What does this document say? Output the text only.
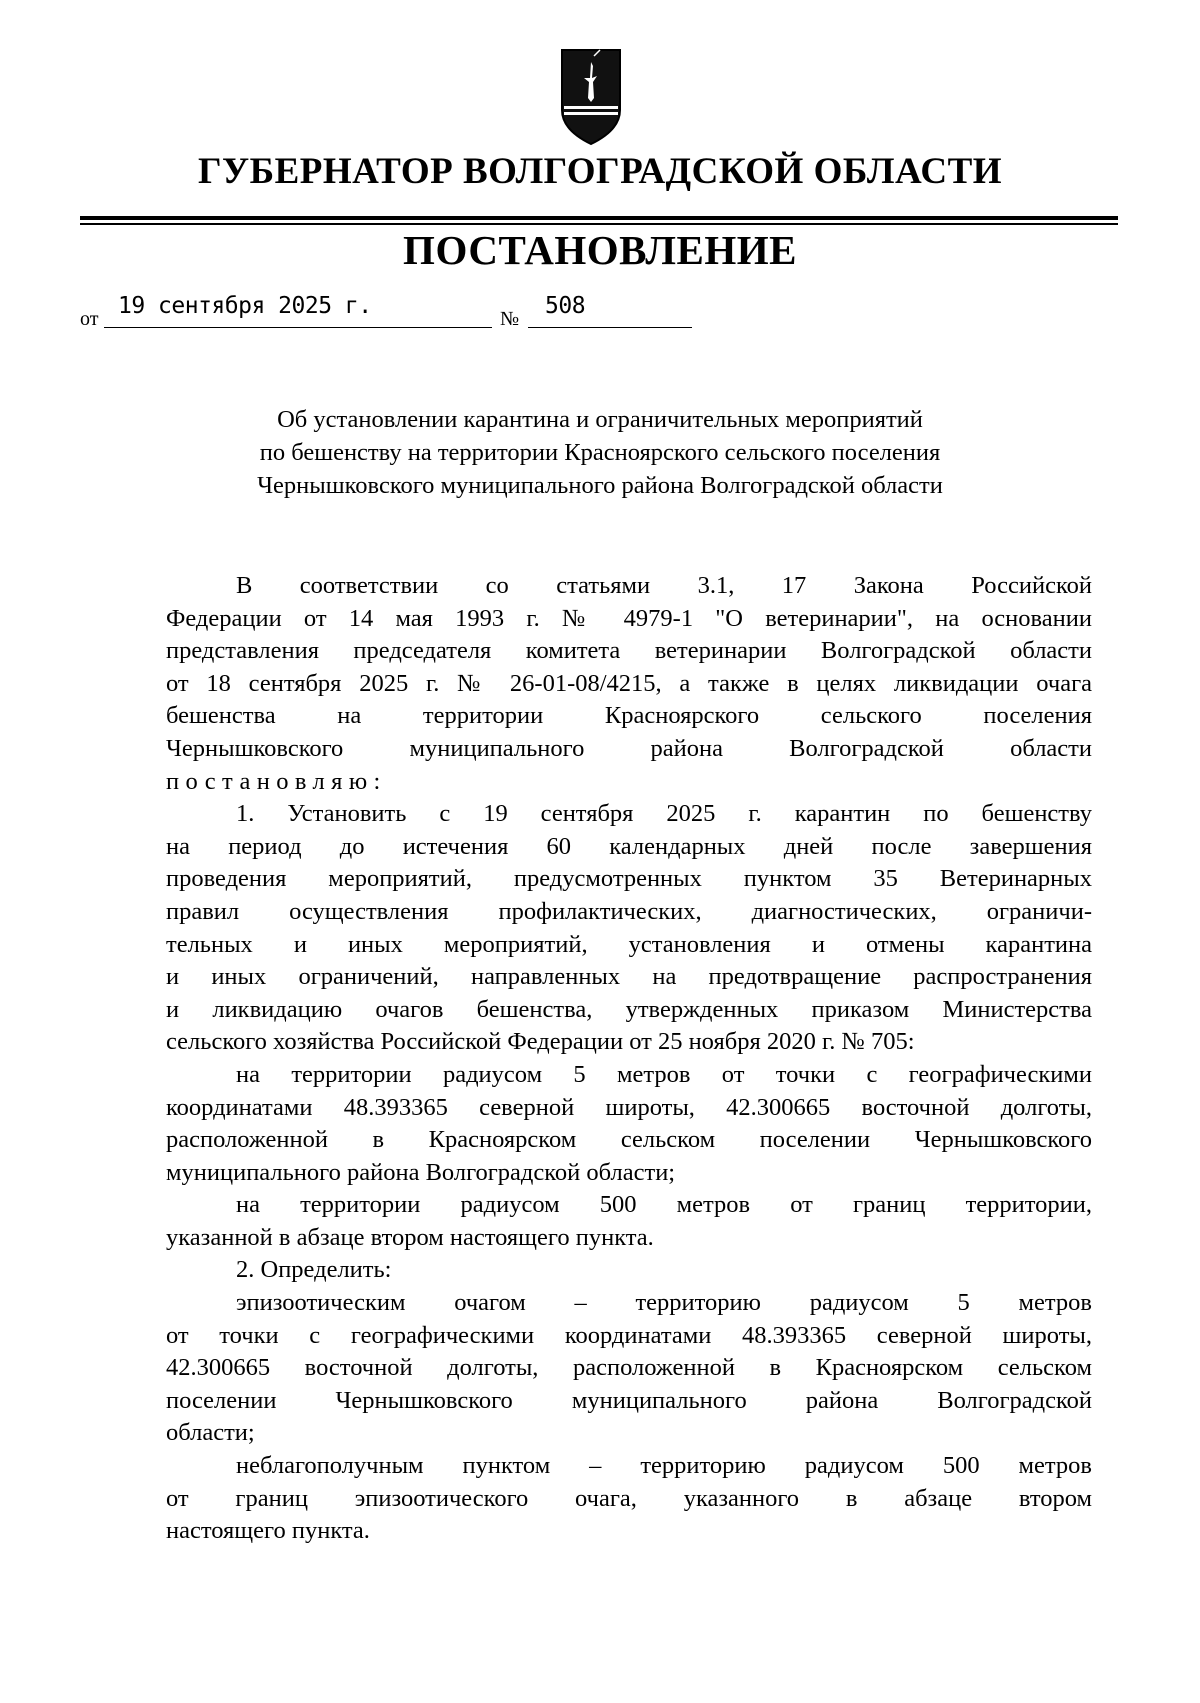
ГУБЕРНАТОР ВОЛГОГРАДСКОЙ ОБЛАСТИ
ПОСТАНОВЛЕНИЕ
от 19 сентября 2025 г.	№ 508
Об установлении карантина и ограничительных мероприятий
по бешенству на территории Красноярского сельского поселения
Чернышковского муниципального района Волгоградской области

В соответствии со статьями 3.1, 17 Закона Российской

Федерации от 14 мая 1993 г. № 4979-1 "О ветеринарии", на основании

представления председателя комитета ветеринарии Волгоградской области

от 18 сентября 2025 г. № 26-01-08/4215, а также в целях ликвидации очага

бешенства на территории Красноярского сельского поселения

Чернышковского муниципального района Волгоградской области

постановляю:

1. Установить с 19 сентября 2025 г. карантин по бешенству

на период до истечения 60 календарных дней после завершения

проведения мероприятий, предусмотренных пунктом 35 Ветеринарных

правил осуществления профилактических, диагностических, ограничи-

тельных и иных мероприятий, установления и отмены карантина

и иных ограничений, направленных на предотвращение распространения

и ликвидацию очагов бешенства, утвержденных приказом Министерства

сельского хозяйства Российской Федерации от 25 ноября 2020 г. № 705:

на территории радиусом 5 метров от точки с географическими

координатами 48.393365 северной широты, 42.300665 восточной долготы,

расположенной в Красноярском сельском поселении Чернышковского

муниципального района Волгоградской области;

на территории радиусом 500 метров от границ территории,

указанной в абзаце втором настоящего пункта.

2. Определить:

эпизоотическим очагом – территорию радиусом 5 метров

от точки с географическими координатами 48.393365 северной широты,

42.300665 восточной долготы, расположенной в Красноярском сельском

поселении Чернышковского муниципального района Волгоградской

области;

неблагополучным пунктом – территорию радиусом 500 метров

от границ эпизоотического очага, указанного в абзаце втором

настоящего пункта.
